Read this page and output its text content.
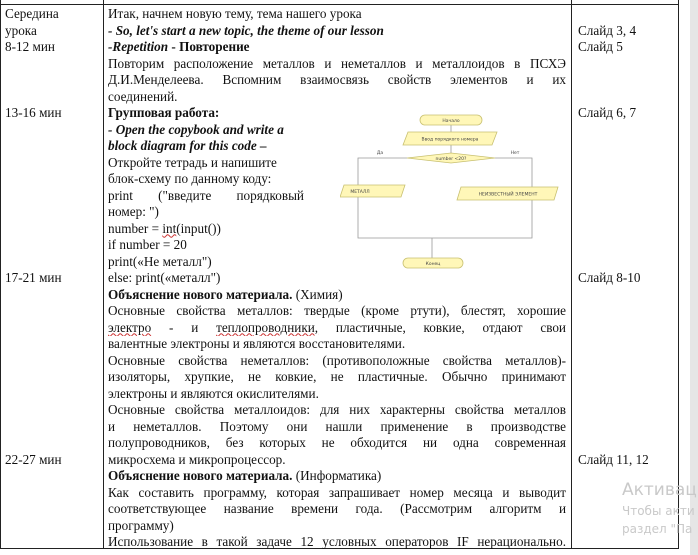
Середина
урока
8-12 мин
13-16 мин
17-21 мин
22-27 мин
Слайд 3, 4
Слайд 5
Слайд 6, 7
Слайд 8-10
Слайд 11, 12
Итак, начнем новую тему, тема нашего урока
- So, let's start a new topic, the theme of our lesson
-Repetition - Повторение
Повторим расположение металлов и неметаллов и металлоидов в ПСХЭ
Д.И.Менделеева. Вспомним взаимосвязь свойств элементов и их
соединений.
Групповая работа:
- Open the copybook and write a
block diagram for this code –
Откройте тетрадь и напишите
блок-схему по данному коду:
print ("введите порядковый
номер: ")
number = int(input())
if number = 20
print(«Не металл")
else: print(«металл")
Объяснение нового материала. (Химия)
Основные свойства металлов: твердые (кроме ртути), блестят, хорошие
электро - и теплопроводники, пластичные, ковкие, отдают свои
валентные электроны и являются восстановителями.
Основные свойства неметаллов: (противоположные свойства металлов)-
изоляторы, хрупкие, не ковкие, не пластичные. Обычно принимают
электроны и являются окислителями.
Основные свойства металлоидов: для них характерны свойства металлов
и неметаллов. Поэтому они нашли применение в производстве
полупроводников, без которых не обходится ни одна современная
микросхема и микропроцессор.
Объяснение нового материала. (Информатика)
Как составить программу, которая запрашивает номер месяца и выводит
соответствующее название времени года. (Рассмотрим алгоритм и
программу)
Использование в такой задаче 12 условных операторов IF нерационально.
Начало
Ввод порядкого номера
number <20?
Да	Нет
МЕТАЛЛ	НЕИЗВЕСТНЫЙ ЭЛЕМЕНТ
Конец
Активац
Чтобы акти
раздел "Па
